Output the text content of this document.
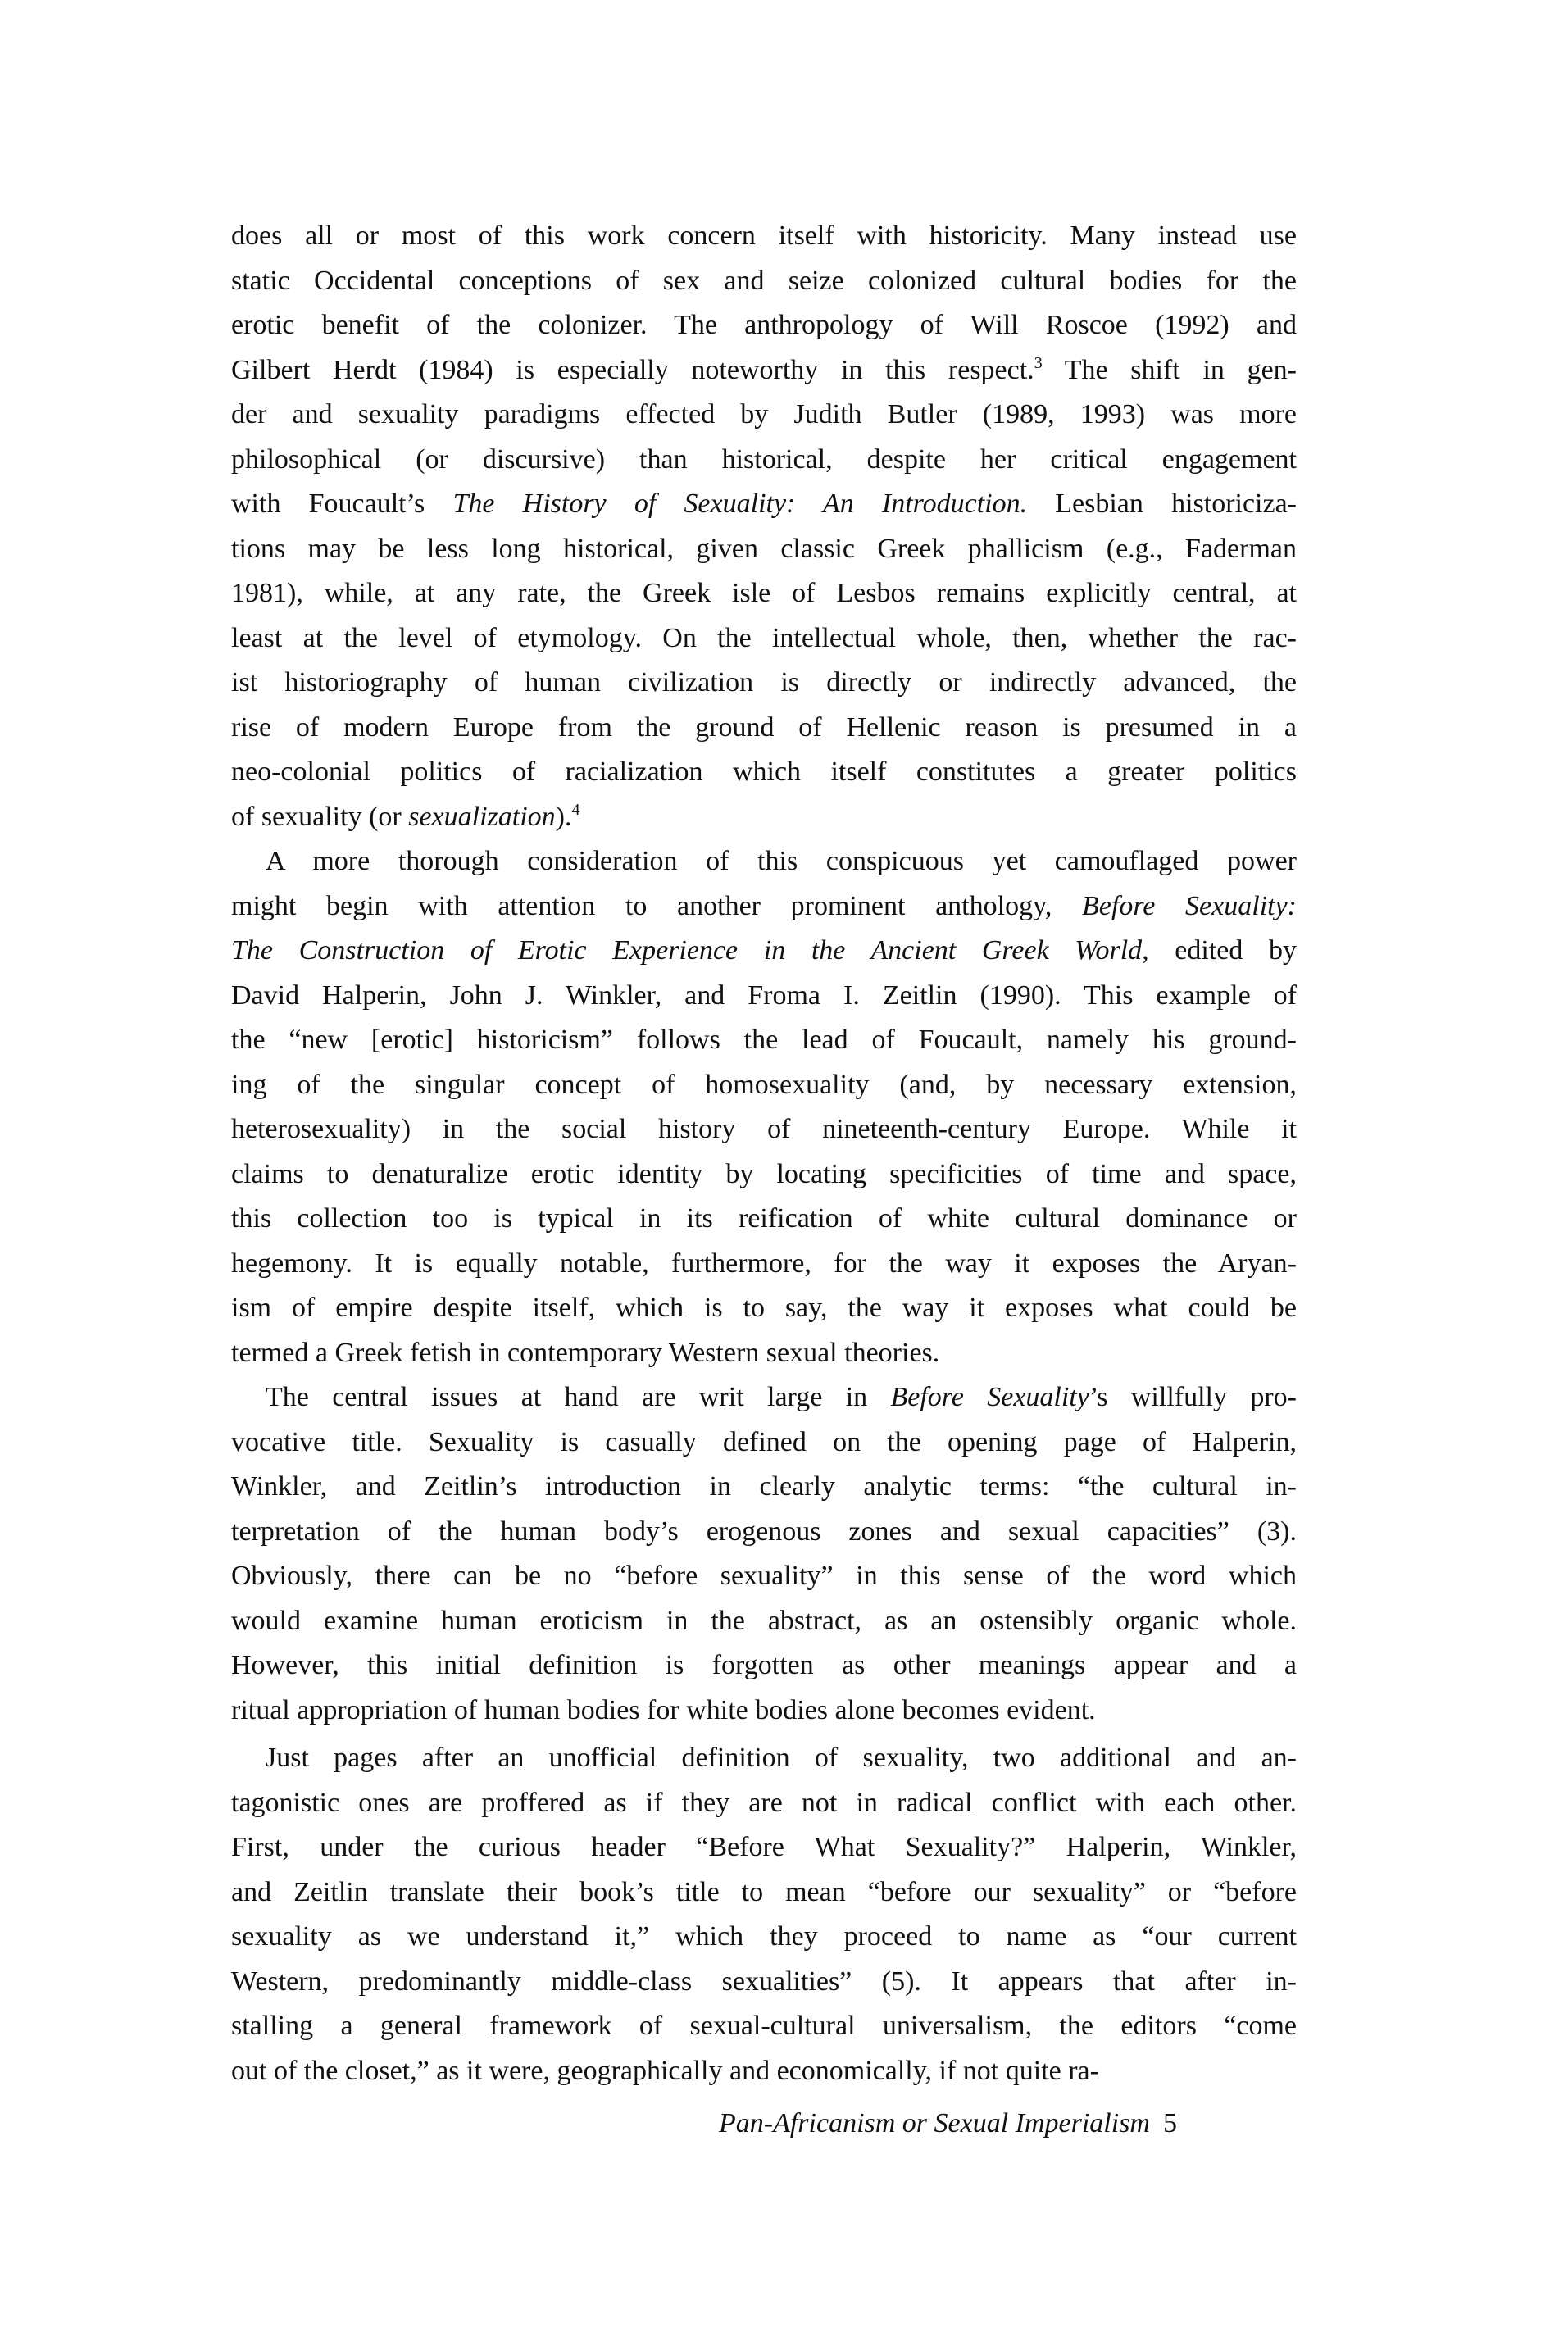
does all or most of this work concern itself with historicity. Many instead use
static Occidental conceptions of sex and seize colonized cultural bodies for the
erotic benefit of the colonizer. The anthropology of Will Roscoe (1992) and
Gilbert Herdt (1984) is especially noteworthy in this respect.$^3$ The shift in gen-
der and sexuality paradigms effected by Judith Butler (1989, 1993) was more
philosophical (or discursive) than historical, despite her critical engagement
with Foucault’s The History of Sexuality: An Introduction. Lesbian historiciza-
tions may be less long historical, given classic Greek phallicism (e.g., Faderman
1981), while, at any rate, the Greek isle of Lesbos remains explicitly central, at
least at the level of etymology. On the intellectual whole, then, whether the rac-
ist historiography of human civilization is directly or indirectly advanced, the
rise of modern Europe from the ground of Hellenic reason is presumed in a
neo-colonial politics of racialization which itself constitutes a greater politics
of sexuality (or sexualization).$^4$
A more thorough consideration of this conspicuous yet camouflaged power
might begin with attention to another prominent anthology, Before Sexuality:
The Construction of Erotic Experience in the Ancient Greek World, edited by
David Halperin, John J. Winkler, and Froma I. Zeitlin (1990). This example of
the “new [erotic] historicism” follows the lead of Foucault, namely his ground-
ing of the singular concept of homosexuality (and, by necessary extension,
heterosexuality) in the social history of nineteenth-century Europe. While it
claims to denaturalize erotic identity by locating specificities of time and space,
this collection too is typical in its reification of white cultural dominance or
hegemony. It is equally notable, furthermore, for the way it exposes the Aryan-
ism of empire despite itself, which is to say, the way it exposes what could be
termed a Greek fetish in contemporary Western sexual theories.
The central issues at hand are writ large in Before Sexuality’s willfully pro-
vocative title. Sexuality is casually defined on the opening page of Halperin,
Winkler, and Zeitlin’s introduction in clearly analytic terms: “the cultural in-
terpretation of the human body’s erogenous zones and sexual capacities” (3).
Obviously, there can be no “before sexuality” in this sense of the word which
would examine human eroticism in the abstract, as an ostensibly organic whole.
However, this initial definition is forgotten as other meanings appear and a
ritual appropriation of human bodies for white bodies alone becomes evident.
Just pages after an unofficial definition of sexuality, two additional and an-
tagonistic ones are proffered as if they are not in radical conflict with each other.
First, under the curious header “Before What Sexuality?” Halperin, Winkler,
and Zeitlin translate their book’s title to mean “before our sexuality” or “before
sexuality as we understand it,” which they proceed to name as “our current
Western, predominantly middle-class sexualities” (5). It appears that after in-
stalling a general framework of sexual-cultural universalism, the editors “come
out of the closet,” as it were, geographically and economically, if not quite ra-
Pan-Africanism or Sexual Imperialism 5
